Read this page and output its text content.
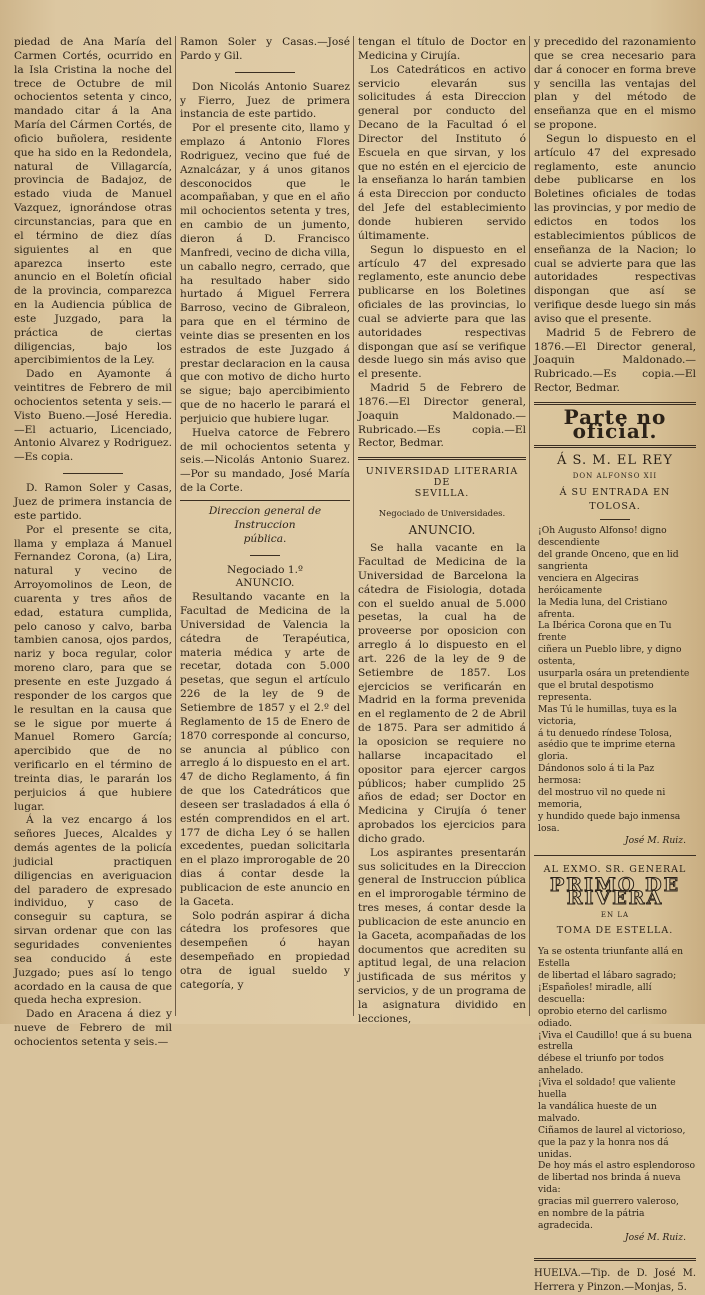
piedad de Ana María del Carmen Cortés, ocurrido en la Isla Cristina la noche del trece de Octubre de mil ochocientos setenta y cinco, mandado citar á la Ana María del Cármen Cortés, de oficio buñolera, residente que ha sido en la Redondela, natural de Villagarcía, provincia de Badajoz, de estado viuda de Manuel Vazquez, ignorándose otras circunstancias, para que en el término de diez días siguientes al en que aparezca inserto este anuncio en el Boletín oficial de la provincia, comparezca en la Audiencia pública de este Juzgado, para la práctica de ciertas diligencias, bajo los apercibimientos de la Ley.

Dado en Ayamonte á veintitres de Febrero de mil ochocientos setenta y seis.—Visto Bueno.—José Heredia.—El actuario, Licenciado, Antonio Alvarez y Rodriguez.—Es copia.

D. Ramon Soler y Casas, Juez de primera instancia de este partido.

Por el presente se cita, llama y emplaza á Manuel Fernandez Corona, (a) Lira, natural y vecino de Arroyomolinos de Leon, de cuarenta y tres años de edad, estatura cumplida, pelo canoso y calvo, barba tambien canosa, ojos pardos, nariz y boca regular, color moreno claro, para que se presente en este Juzgado á responder de los cargos que le resultan en la causa que se le sigue por muerte á Manuel Romero García; apercibido que de no verificarlo en el término de treinta dias, le pararán los perjuicios á que hubiere lugar.

Á la vez encargo á los señores Jueces, Alcaldes y demás agentes de la policía judicial practiquen diligencias en averiguacion del paradero de expresado individuo, y caso de conseguir su captura, se sirvan ordenar que con las seguridades convenientes sea conducido á este Juzgado; pues así lo tengo acordado en la causa de que queda hecha expresion.

Dado en Aracena á diez y nueve de Febrero de mil ochocientos setenta y seis.—

Ramon Soler y Casas.—José Pardo y Gil.

Don Nicolás Antonio Suarez y Fierro, Juez de primera instancia de este partido.

Por el presente cito, llamo y emplazo á Antonio Flores Rodriguez, vecino que fué de Aznalcázar, y á unos gitanos desconocidos que le acompañaban, y que en el año mil ochocientos setenta y tres, en cambio de un jumento, dieron á D. Francisco Manfredi, vecino de dicha villa, un caballo negro, cerrado, que ha resultado haber sido hurtado á Miguel Ferrera Barroso, vecino de Gibraleon, para que en el término de veinte dias se presenten en los estrados de este Juzgado á prestar declaracion en la causa que con motivo de dicho hurto se sigue; bajo apercibimiento que de no hacerlo le parará el perjuicio que hubiere lugar.

Huelva catorce de Febrero de mil ochocientos setenta y seis.—Nicolás Antonio Suarez.—Por su mandado, José María de la Corte.

Direccion general de Instruccion

pública.

Negociado 1.º

ANUNCIO.

Resultando vacante en la Facultad de Medicina de la Universidad de Valencia la cátedra de Terapéutica, materia médica y arte de recetar, dotada con 5.000 pesetas, que segun el artículo 226 de la ley de 9 de Setiembre de 1857 y el 2.º del Reglamento de 15 de Enero de 1870 corresponde al concurso, se anuncia al público con arreglo á lo dispuesto en el art. 47 de dicho Reglamento, á fin de que los Catedráticos que deseen ser trasladados á ella ó estén comprendidos en el art. 177 de dicha Ley ó se hallen excedentes, puedan solicitarla en el plazo improrogable de 20 dias á contar desde la publicacion de este anuncio en la Gaceta.

Solo podrán aspirar á dicha cátedra los profesores que desempeñen ó hayan desempeñado en propiedad otra de igual sueldo y categoría, y

tengan el título de Doctor en Medicina y Cirujía.

Los Catedráticos en activo servicio elevarán sus solicitudes á esta Direccion general por conducto del Decano de la Facultad ó el Director del Instituto ó Escuela en que sirvan, y los que no estén en el ejercicio de la enseñanza lo harán tambien á esta Direccion por conducto del Jefe del establecimiento donde hubieren servido últimamente.

Segun lo dispuesto en el artículo 47 del expresado reglamento, este anuncio debe publicarse en los Boletines oficiales de las provincias, lo cual se advierte para que las autoridades respectivas dispongan que así se verifique desde luego sin más aviso que el presente.

Madrid 5 de Febrero de 1876.—El Director general, Joaquin Maldonado.—Rubricado.—Es copia.—El Rector, Bedmar.

UNIVERSIDAD LITERARIA DE

SEVILLA.

Negociado de Universidades.

ANUNCIO.

Se halla vacante en la Facultad de Medicina de la Universidad de Barcelona la cátedra de Fisiologia, dotada con el sueldo anual de 5.000 pesetas, la cual ha de proveerse por oposicion con arreglo á lo dispuesto en el art. 226 de la ley de 9 de Setiembre de 1857. Los ejercicios se verificarán en Madrid en la forma prevenida en el reglamento de 2 de Abril de 1875. Para ser admitido á la oposicion se requiere no hallarse incapacitado el opositor para ejercer cargos públicos; haber cumplido 25 años de edad; ser Doctor en Medicina y Cirujía ó tener aprobados los ejercicios para dicho grado.

Los aspirantes presentarán sus solicitudes en la Direccion general de Instruccion pública en el improrogable término de tres meses, á contar desde la publicacion de este anuncio en la Gaceta, acompañadas de los documentos que acrediten su aptitud legal, de una relacion justificada de sus méritos y servicios, y de un programa de la asignatura dividido en lecciones,

y precedido del razonamiento que se crea necesario para dar á conocer en forma breve y sencilla las ventajas del plan y del método de enseñanza que en el mismo se propone.

Segun lo dispuesto en el artículo 47 del expresado reglamento, este anuncio debe publicarse en los Boletines oficiales de todas las provincias, y por medio de edictos en todos los establecimientos públicos de enseñanza de la Nacion; lo cual se advierte para que las autoridades respectivas dispongan que así se verifique desde luego sin más aviso que el presente.

Madrid 5 de Febrero de 1876.—El Director general, Joaquin Maldonado.—Rubricado.—Es copia.—El Rector, Bedmar.

Parte no oficial.

Á S. M. EL REY

DON ALFONSO XII

Á SU ENTRADA EN TOLOSA.

¡Oh Augusto Alfonso! digno descendiente

del grande Onceno, que en lid sangrienta

venciera en Algeciras heróicamente

la Media luna, del Cristiano afrenta.

La Ibérica Corona que en Tu frente

ciñera un Pueblo libre, y digno ostenta,

usurparla osára un pretendiente

que el brutal despotismo representa.

Mas Tú le humillas, tuya es la victoria,

á tu denuedo ríndese Tolosa,

asédio que te imprime eterna gloria.

Dándonos solo á ti la Paz hermosa:

del mostruo vil no quede ni memoria,

y hundido quede bajo inmensa losa.

José M. Ruiz.

AL EXMO. SR. GENERAL

PRIMO DE RIVERA

EN LA

TOMA DE ESTELLA.

Ya se ostenta triunfante allá en Estella

de libertad el lábaro sagrado;

¡Españoles! miradle, allí descuella:

oprobio eterno del carlismo odiado.

¡Viva el Caudillo! que á su buena estrella

débese el triunfo por todos anhelado.

¡Viva el soldado! que valiente huella

la vandálica hueste de un malvado.

Ciñamos de laurel al victorioso,

que la paz y la honra nos dá unidas.

De hoy más el astro esplendoroso

de libertad nos brinda á nueva vida:

gracias mil guerrero valeroso,

en nombre de la pátria agradecida.

José M. Ruiz.

HUELVA.—Tip. de D. José M. Herrera y Pinzon.—Monjas, 5.
